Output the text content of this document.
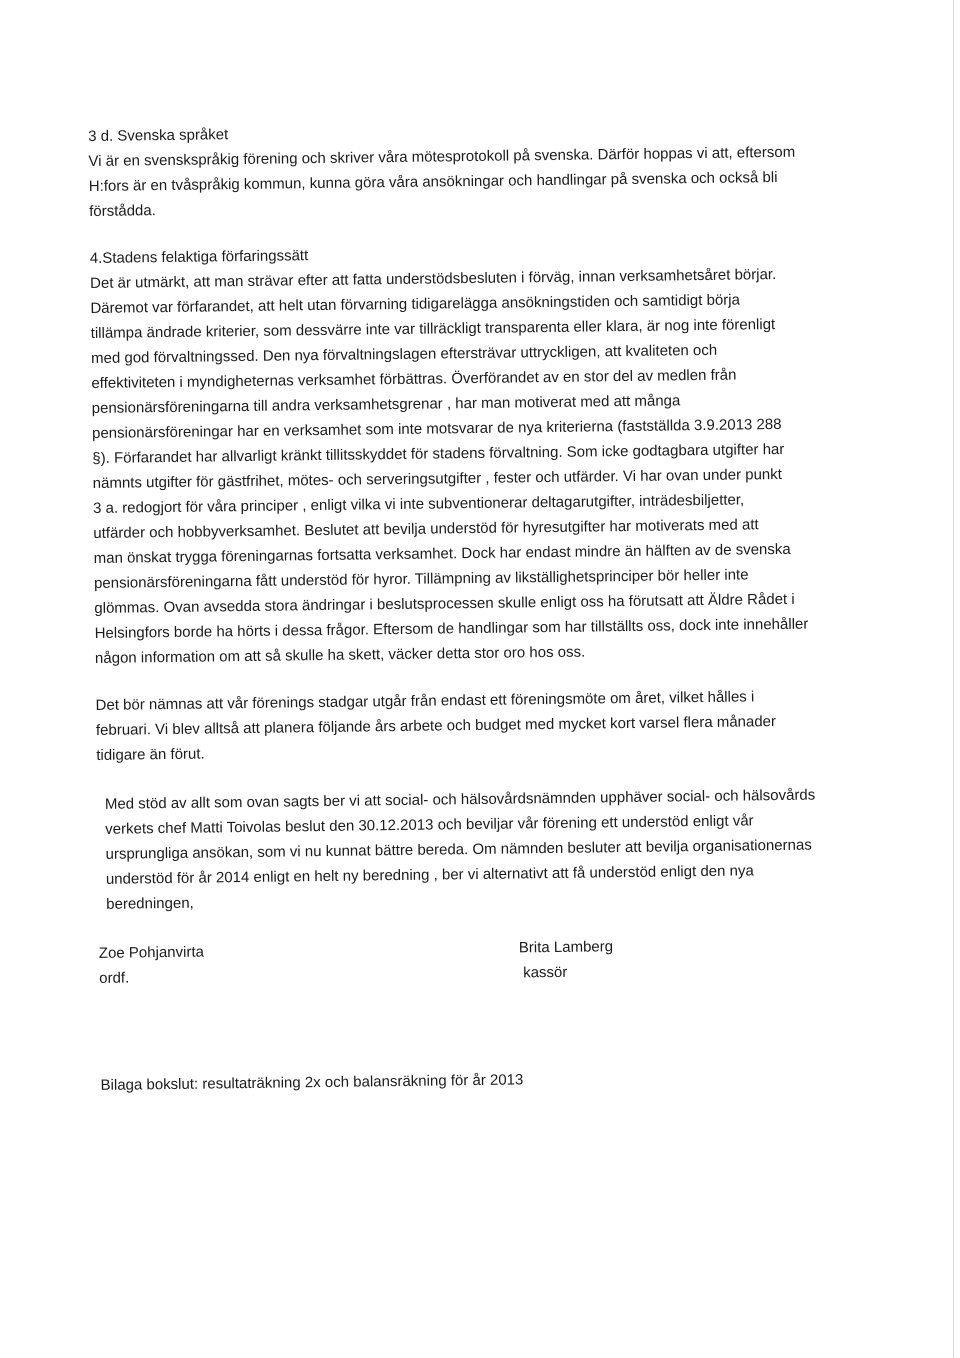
3 d. Svenska språket
Vi är en svenskspråkig förening och skriver våra mötesprotokoll på svenska. Därför hoppas vi att, eftersom
H:fors är en tvåspråkig kommun, kunna göra våra ansökningar och handlingar på svenska och också bli
förstådda.
4.Stadens felaktiga förfaringssätt
Det är utmärkt, att man strävar efter att fatta understödsbesluten i förväg, innan verksamhetsåret börjar.
Däremot var förfarandet, att helt utan förvarning tidigarelägga ansökningstiden och samtidigt börja
tillämpa ändrade kriterier, som dessvärre inte var tillräckligt transparenta eller klara, är nog inte förenligt
med god förvaltningssed. Den nya förvaltningslagen eftersträvar uttryckligen, att kvaliteten och
effektiviteten i myndigheternas verksamhet förbättras. Överförandet av en stor del av medlen från
pensionärsföreningarna till andra verksamhetsgrenar , har man motiverat med att många
pensionärsföreningar har en verksamhet som inte motsvarar de nya kriterierna (fastställda 3.9.2013 288
§). Förfarandet har allvarligt kränkt tillitsskyddet för stadens förvaltning. Som icke godtagbara utgifter har
nämnts utgifter för gästfrihet, mötes- och serveringsutgifter , fester och utfärder. Vi har ovan under punkt
3 a. redogjort för våra principer , enligt vilka vi inte subventionerar deltagarutgifter, inträdesbiljetter,
utfärder och hobbyverksamhet. Beslutet att bevilja understöd för hyresutgifter har motiverats med att
man önskat trygga föreningarnas fortsatta verksamhet. Dock har endast mindre än hälften av de svenska
pensionärsföreningarna fått understöd för hyror. Tillämpning av likställighetsprinciper bör heller inte
glömmas. Ovan avsedda stora ändringar i beslutsprocessen skulle enligt oss ha förutsatt att Äldre Rådet i
Helsingfors borde ha hörts i dessa frågor. Eftersom de handlingar som har tillställts oss, dock inte innehåller
någon information om att så skulle ha skett, väcker detta stor oro hos oss.
Det bör nämnas att vår förenings stadgar utgår från endast ett föreningsmöte om året, vilket hålles i
februari. Vi blev alltså att planera följande års arbete och budget med mycket kort varsel flera månader
tidigare än förut.
Med stöd av allt som ovan sagts ber vi att social- och hälsovårdsnämnden upphäver social- och hälsovårds
verkets chef Matti Toivolas beslut den 30.12.2013 och beviljar vår förening ett understöd enligt vår
ursprungliga ansökan, som vi nu kunnat bättre bereda. Om nämnden besluter att bevilja organisationernas
understöd för år 2014 enligt en helt ny beredning , ber vi alternativt att få understöd enligt den nya
beredningen,
Zoe Pohjanvirta
ordf.
Brita Lamberg
kassör
Bilaga bokslut: resultaträkning 2x och balansräkning för år 2013
